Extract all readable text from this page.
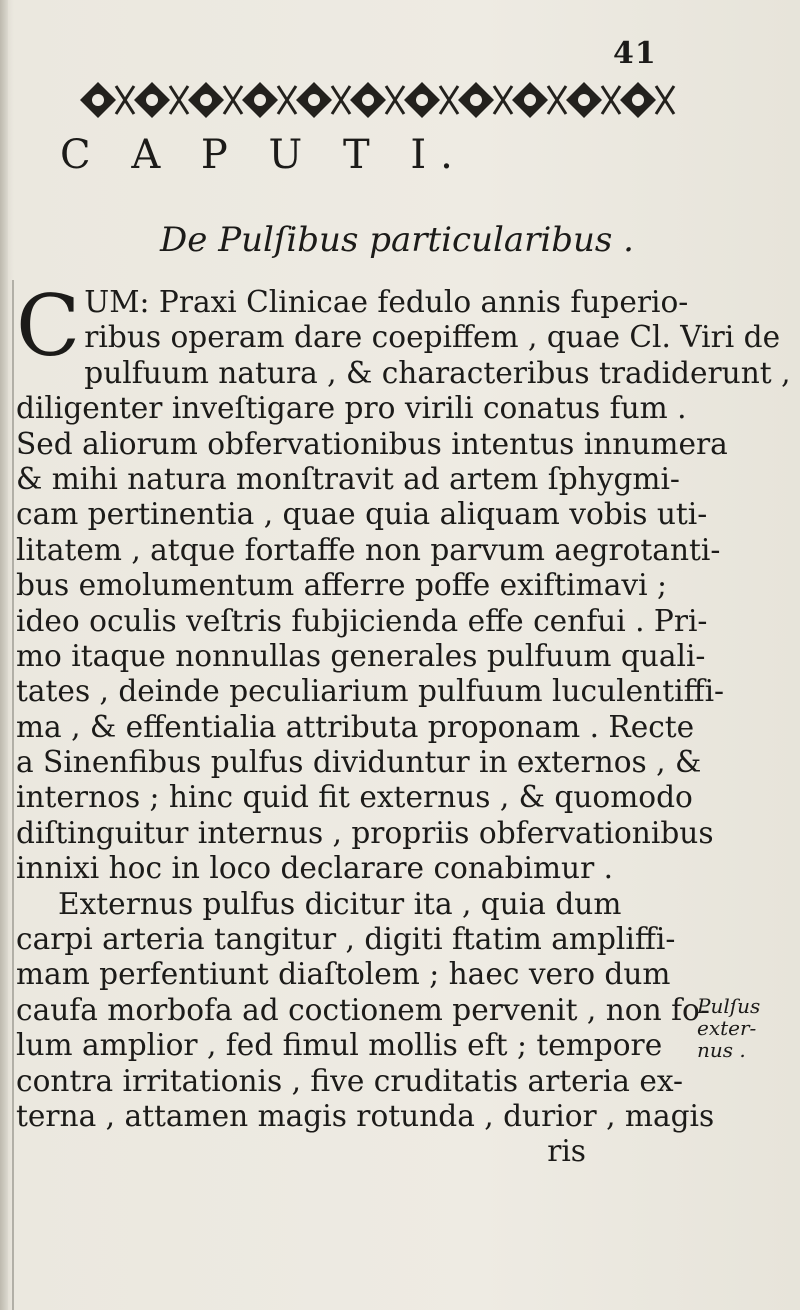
41
C A P U T I.
De Pulſibus particularibus .
C UM: Praxi Clinicae fedulo annis fuperio-
ribus operam dare coepiffem , quae Cl. Viri de
pulfuum natura , & characteribus tradiderunt ,
diligenter inveſtigare pro virili conatus fum .
Sed aliorum obfervationibus intentus innumera
& mihi natura monſtravit ad artem ſphygmi-
cam pertinentia , quae quia aliquam vobis uti-
litatem , atque fortaffe non parvum aegrotanti-
bus emolumentum afferre poffe exiftimavi ;
ideo oculis veſtris fubjicienda effe cenfui . Pri-
mo itaque nonnullas generales pulfuum quali-
tates , deinde peculiarium pulfuum luculentiffi-
ma , & effentialia attributa proponam . Recte
a Sinenfibus pulfus dividuntur in externos , &
internos ; hinc quid fit externus , & quomodo
diſtinguitur internus , propriis obfervationibus
innixi hoc in loco declarare conabimur .
Externus pulfus dicitur ita , quia dum
carpi arteria tangitur , digiti ftatim ampliffi-
mam perfentiunt diaſtolem ; haec vero dum
caufa morbofa ad coctionem pervenit , non fo-
lum amplior , fed fimul mollis eft ; tempore
contra irritationis , five cruditatis arteria ex-
terna , attamen magis rotunda , durior , magis
ris
Pulſus
exter-
nus .
